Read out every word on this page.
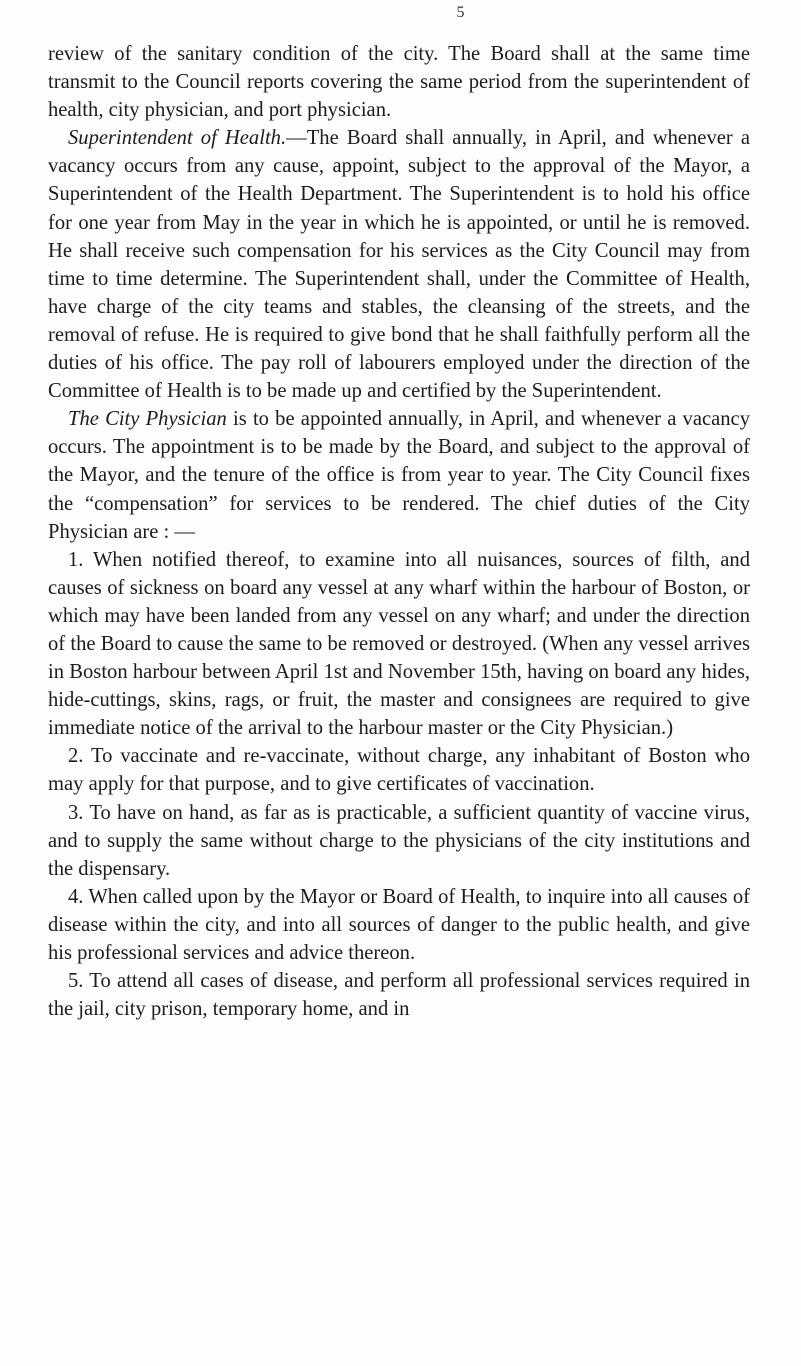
5

review of the sanitary condition of the city. The Board shall at the same time transmit to the Council reports covering the same period from the superintendent of health, city physician, and port physician.

Superintendent of Health.—The Board shall annually, in April, and whenever a vacancy occurs from any cause, appoint, subject to the approval of the Mayor, a Superintendent of the Health Department. The Superintendent is to hold his office for one year from May in the year in which he is appointed, or until he is removed. He shall receive such compensation for his services as the City Council may from time to time determine. The Superintendent shall, under the Committee of Health, have charge of the city teams and stables, the cleansing of the streets, and the removal of refuse. He is required to give bond that he shall faithfully perform all the duties of his office. The pay roll of labourers employed under the direction of the Committee of Health is to be made up and certified by the Superintendent.

The City Physician is to be appointed annually, in April, and whenever a vacancy occurs. The appointment is to be made by the Board, and subject to the approval of the Mayor, and the tenure of the office is from year to year. The City Council fixes the “compensation” for services to be rendered. The chief duties of the City Physician are : —

1. When notified thereof, to examine into all nuisances, sources of filth, and causes of sickness on board any vessel at any wharf within the harbour of Boston, or which may have been landed from any vessel on any wharf; and under the direction of the Board to cause the same to be removed or destroyed. (When any vessel arrives in Boston harbour between April 1st and November 15th, having on board any hides, hide-cuttings, skins, rags, or fruit, the master and consignees are required to give immediate notice of the arrival to the harbour master or the City Physician.)

2. To vaccinate and re-vaccinate, without charge, any inhabitant of Boston who may apply for that purpose, and to give certificates of vaccination.

3. To have on hand, as far as is practicable, a sufficient quantity of vaccine virus, and to supply the same without charge to the physicians of the city institutions and the dispensary.

4. When called upon by the Mayor or Board of Health, to inquire into all causes of disease within the city, and into all sources of danger to the public health, and give his professional services and advice thereon.

5. To attend all cases of disease, and perform all professional services required in the jail, city prison, temporary home, and in
